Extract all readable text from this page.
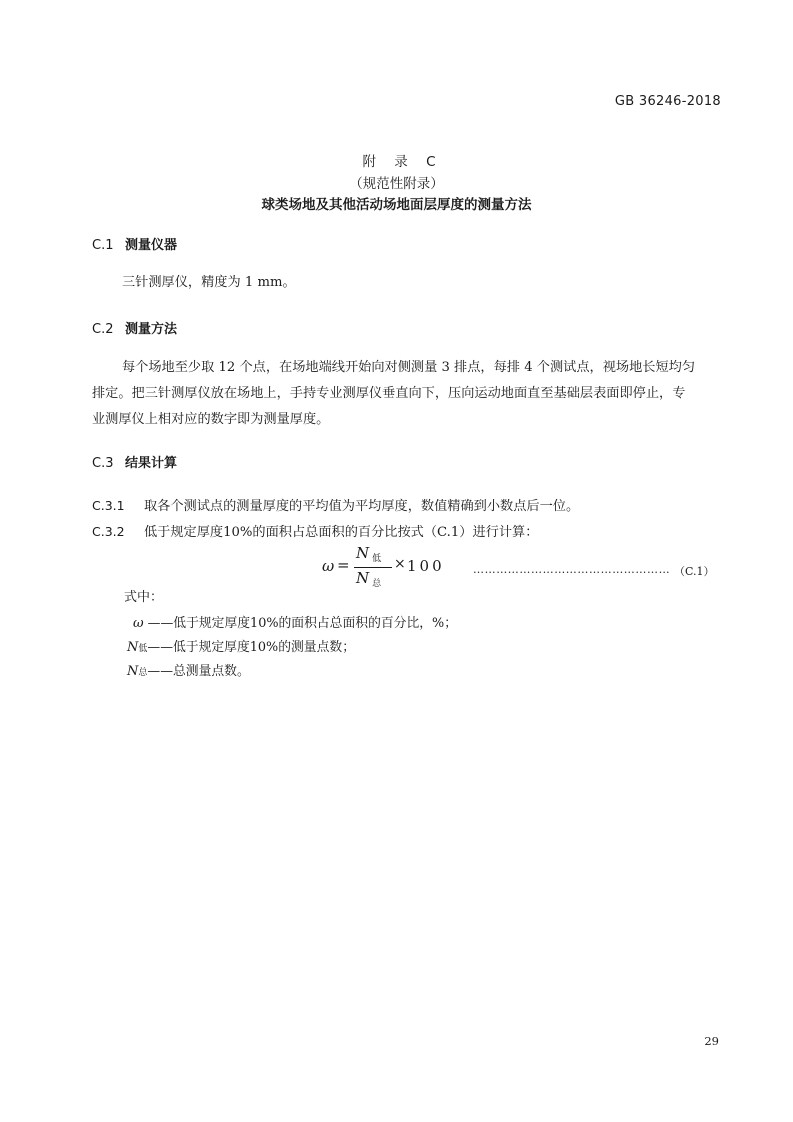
GB 36246-2018
附 录 C
（规范性附录）
球类场地及其他活动场地面层厚度的测量方法
C.1 测量仪器
三针测厚仪，精度为 1 mm。
C.2 测量方法
每个场地至少取 12 个点，在场地端线开始向对侧测量 3 排点，每排 4 个测试点，视场地长短均匀
排定。把三针测厚仪放在场地上，手持专业测厚仪垂直向下，压向运动地面直至基础层表面即停止，专
业测厚仪上相对应的数字即为测量厚度。
C.3 结果计算
C.3.1 取各个测试点的测量厚度的平均值为平均厚度，数值精确到小数点后一位。
C.3.2 低于规定厚度10%的面积占总面积的百分比按式（C.1）进行计算：
ω =
N低
N总
× 100	…………………………………………… （C.1）
式中：
ω ——低于规定厚度10%的面积占总面积的百分比，%；
N低——低于规定厚度10%的测量点数；
N总——总测量点数。
29
